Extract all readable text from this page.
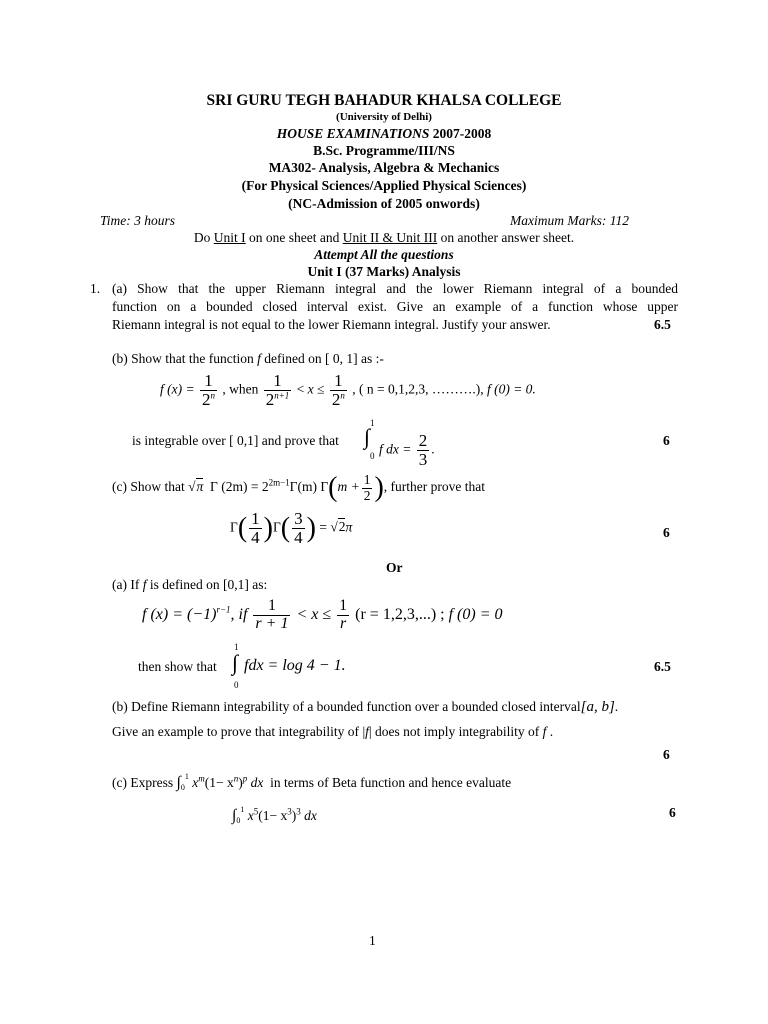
SRI GURU TEGH BAHADUR KHALSA COLLEGE
(University of Delhi)
HOUSE EXAMINATIONS 2007-2008
B.Sc. Programme/III/NS
MA302- Analysis, Algebra & Mechanics
(For Physical Sciences/Applied Physical Sciences)
(NC-Admission of 2005 onwords)
Time: 3 hours	Maximum Marks: 112
Do Unit I on one sheet and Unit II & Unit III on another answer sheet.
Attempt All the questions
Unit I (37 Marks) Analysis
1. (a) Show that the upper Riemann integral and the lower Riemann integral of a bounded
function on a bounded closed interval exist. Give an example of a function whose upper
Riemann integral is not equal to the lower Riemann integral. Justify your answer.	6.5
(b) Show that the function f defined on [ 0, 1] as :-
f $(x) = \frac{1}{2^n}$ , when $\frac{1}{2^{n+1}} < x \le \frac{1}{2^n}$ , ( n = 0,1,2,3, ……….), f (0) = 0.
is integrable over [ 0,1] and prove that
1
∫
0 f dx = $\frac{2}{3}$ .
6
(c) Show that √π Γ $(2m) = 2^{2m-1}\Gamma(m) \Gamma(m + \frac{1}{2}$ ), further prove that
$\Gamma( \frac{1}{4} )\Gamma( \frac{3}{4}$ ) = √2π	6
Or
(a) If f is defined on [0,1] as:
f $(x) = (-1)^{r-1}$, if $\frac{1}{r + 1} < x \le \frac{1}{r} (r = 1,2,3,...)$ ; f (0) = 0
then show that
1
∫
0
fdx = log 4 − 1.	6.5
(b) Define Riemann integrability of a bounded function over a bounded closed interval[a, b].
Give an example to prove that integrability of |f| does not imply integrability of f .
6
(c) Express $\int_0^1$ $x^m(1- x^n)^p$ dx in terms of Beta function and hence evaluate
$\int_0^1$ $x^5(1- x^3)^3$ dx	6
1
